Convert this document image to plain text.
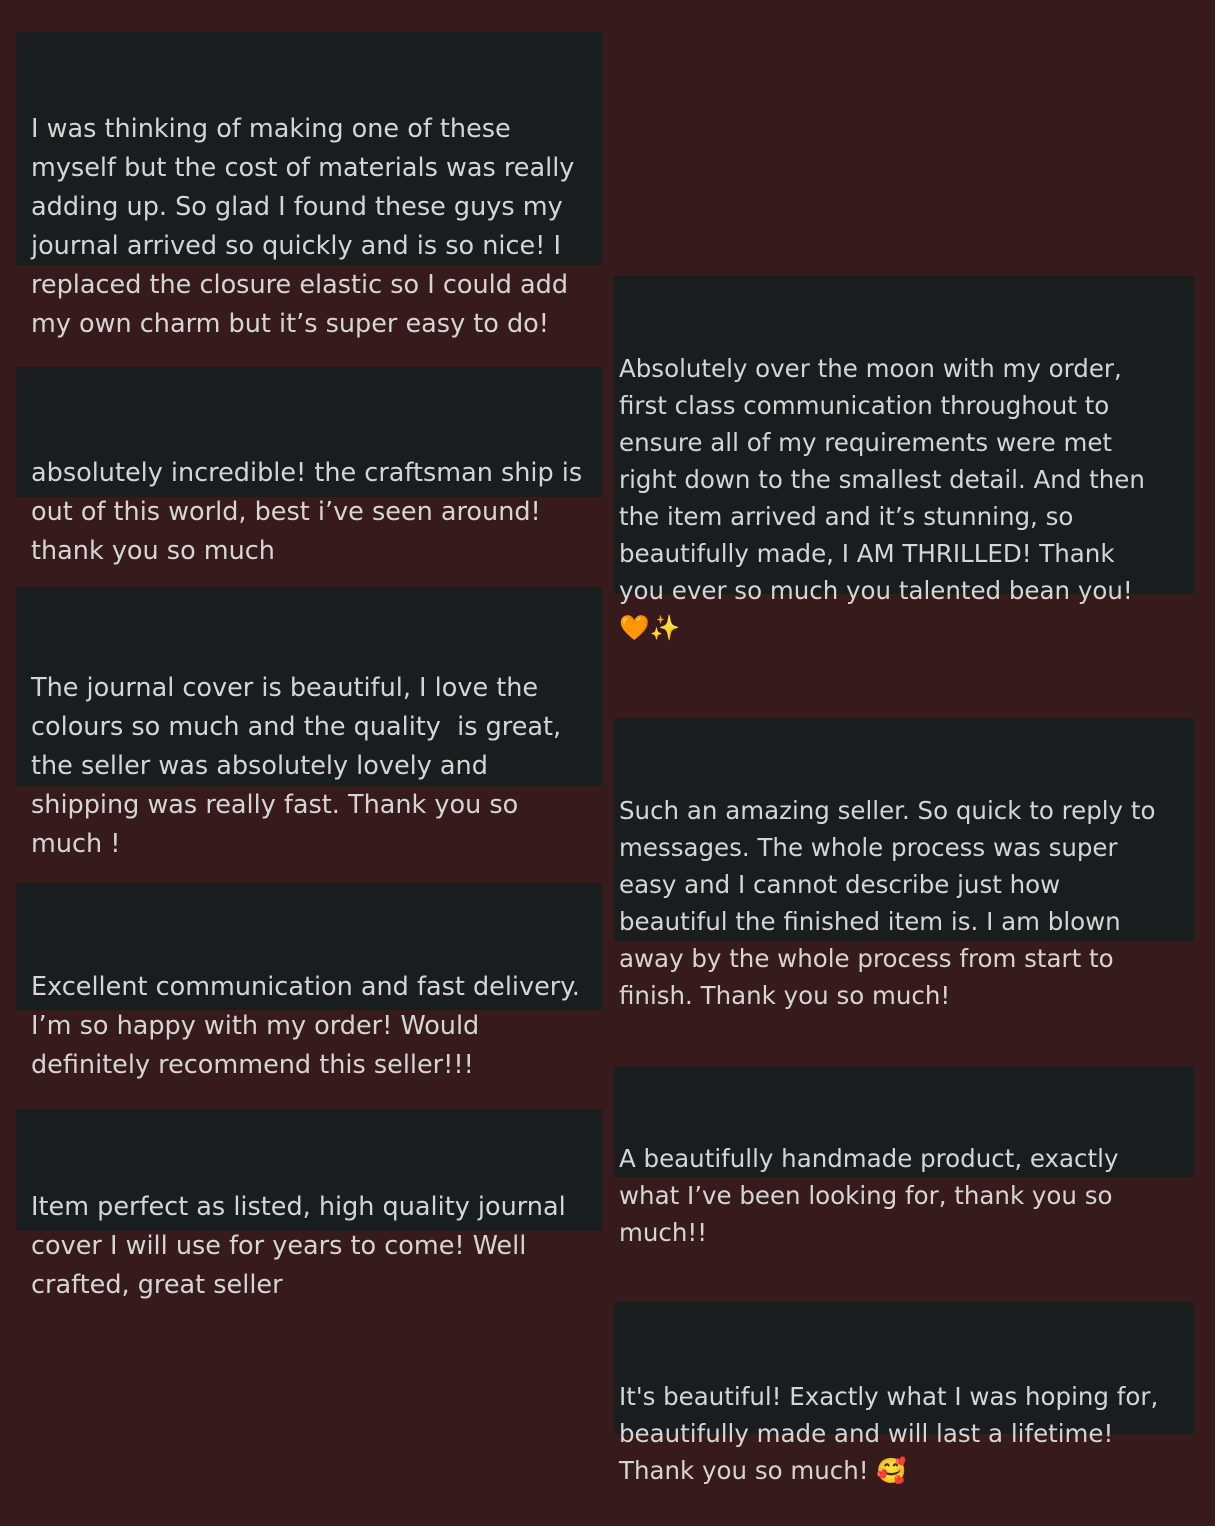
I was thinking of making one of these
myself but the cost of materials was really
adding up. So glad I found these guys my
journal arrived so quickly and is so nice! I
replaced the closure elastic so I could add
my own charm but it’s super easy to do!

absolutely incredible! the craftsman ship is
out of this world, best i’ve seen around!
thank you so much

The journal cover is beautiful, I love the
colours so much and the quality  is great,
the seller was absolutely lovely and
shipping was really fast. Thank you so
much !

Excellent communication and fast delivery.
I’m so happy with my order! Would
definitely recommend this seller!!!

Item perfect as listed, high quality journal
cover I will use for years to come! Well
crafted, great seller

Absolutely over the moon with my order,
first class communication throughout to
ensure all of my requirements were met
right down to the smallest detail. And then
the item arrived and it’s stunning, so
beautifully made, I AM THRILLED! Thank
you ever so much you talented bean you!
🧡✨

Such an amazing seller. So quick to reply to
messages. The whole process was super
easy and I cannot describe just how
beautiful the finished item is. I am blown
away by the whole process from start to
finish. Thank you so much!

A beautifully handmade product, exactly
what I’ve been looking for, thank you so
much!!

It's beautiful! Exactly what I was hoping for,
beautifully made and will last a lifetime!
Thank you so much! 🥰
